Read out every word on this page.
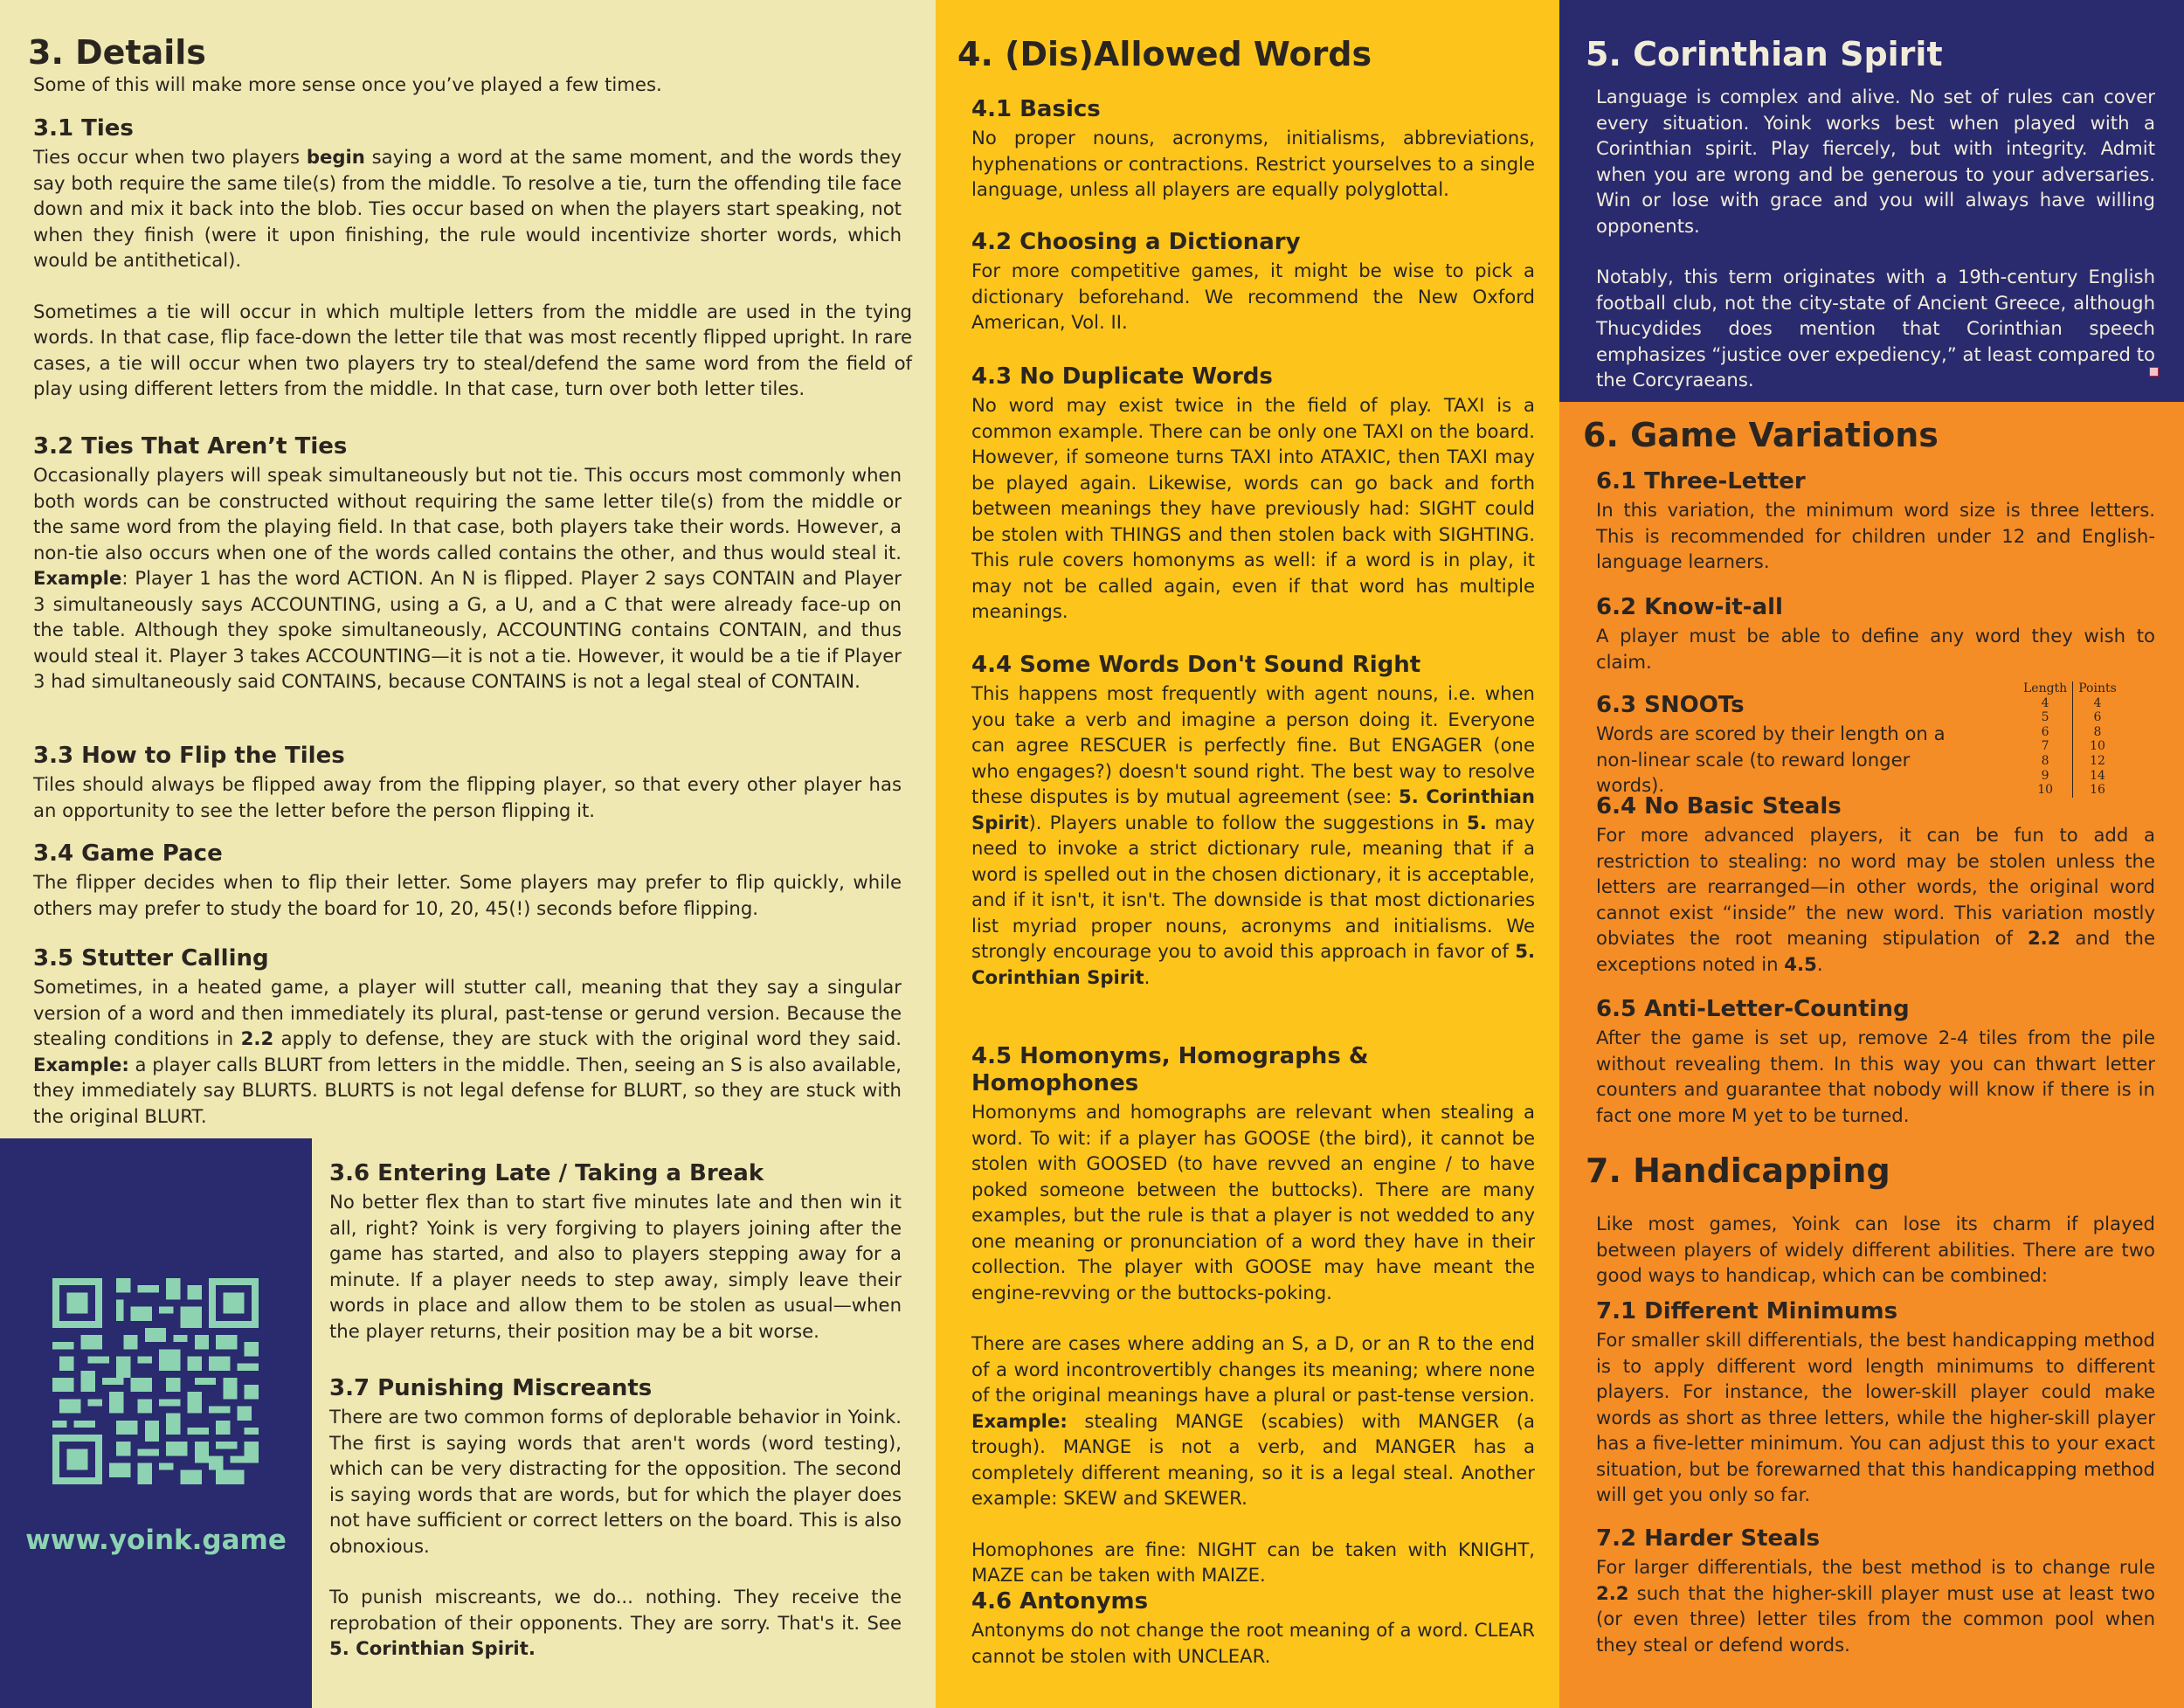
3. Details

Some of this will make more sense once you’ve played a few times.

3.1 Ties

Ties occur when two players begin saying a word at the same moment, and the words they say both require the same tile(s) from the middle. To resolve a tie, turn the offending tile face down and mix it back into the blob. Ties occur based on when the players start speaking, not when they finish (were it upon finishing, the rule would incentivize shorter words, which would be antithetical).

Sometimes a tie will occur in which multiple letters from the middle are used in the tying words. In that case, flip face-down the letter tile that was most recently flipped upright. In rare cases, a tie will occur when two players try to steal/defend the same word from the field of play using different letters from the middle. In that case, turn over both letter tiles.

3.2 Ties That Aren’t Ties

Occasionally players will speak simultaneously but not tie. This occurs most commonly when both words can be constructed without requiring the same letter tile(s) from the middle or the same word from the playing field. In that case, both players take their words. However, a non-tie also occurs when one of the words called contains the other, and thus would steal it. Example: Player 1 has the word ACTION. An N is flipped. Player 2 says CONTAIN and Player 3 simultaneously says ACCOUNTING, using a G, a U, and a C that were already face-up on the table. Although they spoke simultaneously, ACCOUNTING contains CONTAIN, and thus would steal it. Player 3 takes ACCOUNTING—it is not a tie. However, it would be a tie if Player 3 had simultaneously said CONTAINS, because CONTAINS is not a legal steal of CONTAIN.

3.3 How to Flip the Tiles

Tiles should always be flipped away from the flipping player, so that every other player has an opportunity to see the letter before the person flipping it.

3.4 Game Pace

The flipper decides when to flip their letter. Some players may prefer to flip quickly, while others may prefer to study the board for 10, 20, 45(!) seconds before flipping.

3.5 Stutter Calling

Sometimes, in a heated game, a player will stutter call, meaning that they say a singular version of a word and then immediately its plural, past-tense or gerund version. Because the stealing conditions in 2.2 apply to defense, they are stuck with the original word they said. Example: a player calls BLURT from letters in the middle. Then, seeing an S is also available, they immediately say BLURTS. BLURTS is not legal defense for BLURT, so they are stuck with the original BLURT.

www.yoink.game
3.6 Entering Late / Taking a Break

No better flex than to start five minutes late and then win it all, right? Yoink is very forgiving to players joining after the game has started, and also to players stepping away for a minute. If a player needs to step away, simply leave their words in place and allow them to be stolen as usual—when the player returns, their position may be a bit worse.

3.7 Punishing Miscreants

There are two common forms of deplorable behavior in Yoink. The first is saying words that aren't words (word testing), which can be very distracting for the opposition. The second is saying words that are words, but for which the player does not have sufficient or correct letters on the board. This is also obnoxious.

To punish miscreants, we do... nothing. They receive the reprobation of their opponents. They are sorry. That's it. See 5. Corinthian Spirit.

4. (Dis)Allowed Words
4.1 Basics

No proper nouns, acronyms, initialisms, abbreviations, hyphenations or contractions. Restrict yourselves to a single language, unless all players are equally polyglottal.

4.2 Choosing a Dictionary

For more competitive games, it might be wise to pick a dictionary beforehand. We recommend the New Oxford American, Vol. II.

4.3 No Duplicate Words

No word may exist twice in the field of play. TAXI is a common example. There can be only one TAXI on the board. However, if someone turns TAXI into ATAXIC, then TAXI may be played again. Likewise, words can go back and forth between meanings they have previously had: SIGHT could be stolen with THINGS and then stolen back with SIGHTING. This rule covers homonyms as well: if a word is in play, it may not be called again, even if that word has multiple meanings.

4.4 Some Words Don't Sound Right

This happens most frequently with agent nouns, i.e. when you take a verb and imagine a person doing it. Everyone can agree RESCUER is perfectly fine. But ENGAGER (one who engages?) doesn't sound right. The best way to resolve these disputes is by mutual agreement (see: 5. Corinthian Spirit). Players unable to follow the suggestions in 5. may need to invoke a strict dictionary rule, meaning that if a word is spelled out in the chosen dictionary, it is acceptable, and if it isn't, it isn't. The downside is that most dictionaries list myriad proper nouns, acronyms and initialisms. We strongly encourage you to avoid this approach in favor of 5. Corinthian Spirit.

4.5 Homonyms, Homographs & Homophones

Homonyms and homographs are relevant when stealing a word. To wit: if a player has GOOSE (the bird), it cannot be stolen with GOOSED (to have revved an engine / to have poked someone between the buttocks). There are many examples, but the rule is that a player is not wedded to any one meaning or pronunciation of a word they have in their collection. The player with GOOSE may have meant the engine-revving or the buttocks-poking.

There are cases where adding an S, a D, or an R to the end of a word incontrovertibly changes its meaning; where none of the original meanings have a plural or past-tense version. Example: stealing MANGE (scabies) with MANGER (a trough). MANGE is not a verb, and MANGER has a completely different meaning, so it is a legal steal. Another example: SKEW and SKEWER.

Homophones are fine: NIGHT can be taken with KNIGHT, MAZE can be taken with MAIZE.

4.6 Antonyms

Antonyms do not change the root meaning of a word. CLEAR cannot be stolen with UNCLEAR.

5. Corinthian Spirit

Language is complex and alive. No set of rules can cover every situation. Yoink works best when played with a Corinthian spirit. Play fiercely, but with integrity. Admit when you are wrong and be generous to your adversaries. Win or lose with grace and you will always have willing opponents.

Notably, this term originates with a 19th-century English football club, not the city-state of Ancient Greece, although Thucydides does mention that Corinthian speech emphasizes “justice over expediency,” at least compared to the Corcyraeans.

6. Game Variations
6.1 Three-Letter

In this variation, the minimum word size is three letters. This is recommended for children under 12 and English-language learners.

6.2 Know-it-all

A player must be able to define any word they wish to claim.

6.3 SNOOTs

Words are scored by their length on a non-linear scale (to reward longer words).

6.4 No Basic Steals

For more advanced players, it can be fun to add a restriction to stealing: no word may be stolen unless the letters are rearranged—in other words, the original word cannot exist “inside” the new word. This variation mostly obviates the root meaning stipulation of 2.2 and the exceptions noted in 4.5.

6.5 Anti-Letter-Counting

After the game is set up, remove 2-4 tiles from the pile without revealing them. In this way you can thwart letter counters and guarantee that nobody will know if there is in fact one more M yet to be turned.

7. Handicapping

Like most games, Yoink can lose its charm if played between players of widely different abilities. There are two good ways to handicap, which can be combined:

7.1 Different Minimums

For smaller skill differentials, the best handicapping method is to apply different word length minimums to different players. For instance, the lower-skill player could make words as short as three letters, while the higher-skill player has a five-letter minimum. You can adjust this to your exact situation, but be forewarned that this handicapping method will get you only so far.

7.2 Harder Steals

For larger differentials, the best method is to change rule 2.2 such that the higher-skill player must use at least two (or even three) letter tiles from the common pool when they steal or defend words.

Length	Points
4	4
5	6
6	8
7	10
8	12
9	14
10	16
